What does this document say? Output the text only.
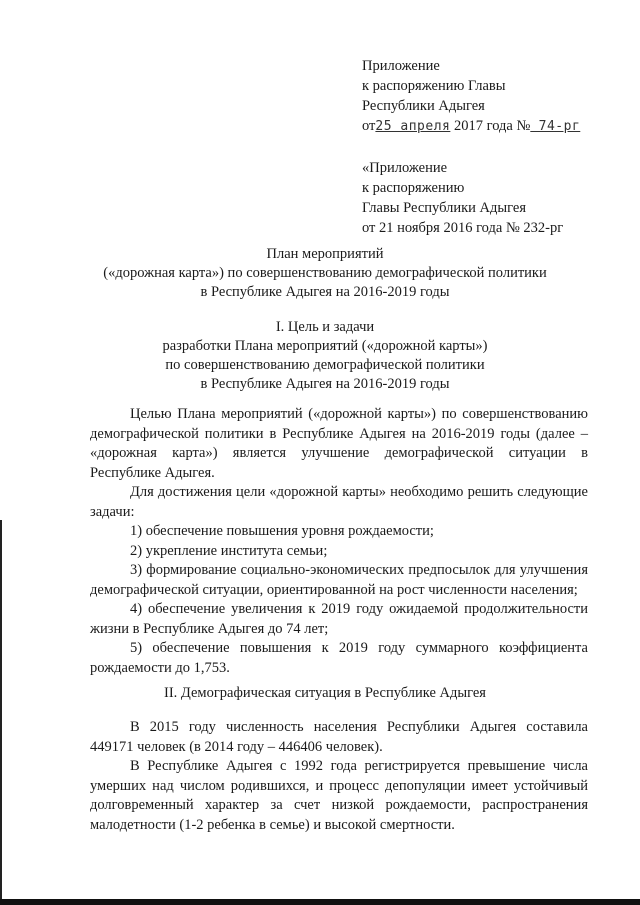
Приложение
к распоряжению Главы
Республики Адыгея
от25 апреля 2017 года № 74-рг
«Приложение
к распоряжению
Главы Республики Адыгея
от 21 ноября 2016 года № 232-рг
План мероприятий
(«дорожная карта») по совершенствованию демографической политики
в Республике Адыгея на 2016-2019 годы
I. Цель и задачи
разработки Плана мероприятий («дорожной карты»)
по совершенствованию демографической политики
в Республике Адыгея на 2016-2019 годы

Целью Плана мероприятий («дорожной карты») по совершенствованию демографической политики в Республике Адыгея на 2016-2019 годы (далее – «дорожная карта») является улучшение демографической ситуации в Республике Адыгея.

Для достижения цели «дорожной карты» необходимо решить следующие задачи:

1) обеспечение повышения уровня рождаемости;

2) укрепление института семьи;

3) формирование социально-экономических предпосылок для улучшения демографической ситуации, ориентированной на рост численности населения;

4) обеспечение увеличения к 2019 году ожидаемой продолжительности жизни в Республике Адыгея до 74 лет;

5) обеспечение повышения к 2019 году суммарного коэффициента рождаемости до 1,753.

II. Демографическая ситуация в Республике Адыгея

В 2015 году численность населения Республики Адыгея составила 449171 человек (в 2014 году – 446406 человек).

В Республике Адыгея с 1992 года регистрируется превышение числа умерших над числом родившихся, и процесс депопуляции имеет устойчивый долговременный характер за счет низкой рождаемости, распространения малодетности (1-2 ребенка в семье) и высокой смертности.
